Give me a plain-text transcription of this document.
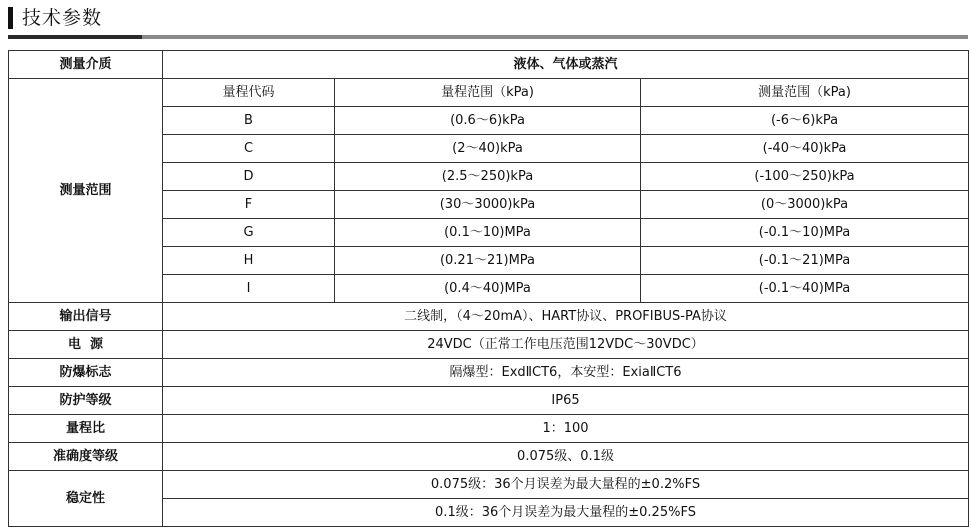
技术参数
测量介质	液体、气体或蒸汽		
测量范围	量程代码	量程范围（kPa)	测量范围（kPa)
	B	(0.6～6)kPa	(-6～6)kPa
	C	(2～40)kPa	(-40～40)kPa
	D	(2.5～250)kPa	(-100～250)kPa
	F	(30～3000)kPa	(0～3000)kPa
	G	(0.1～10)MPa	(-0.1～10)MPa
	H	(0.21～21)MPa	(-0.1～21)MPa
	I	(0.4～40)MPa	(-0.1～40)MPa
输出信号	二线制，（4～20mA）、HART协议、PROFIBUS-PA协议		
电  源	24VDC（正常工作电压范围12VDC～30VDC）		
防爆标志	隔爆型：ExdⅡCT6，本安型：ExiaⅡCT6		
防护等级	IP65		
量程比	1：100		
准确度等级	0.075级、0.1级		
稳定性	0.075级：36个月误差为最大量程的±0.2%FS		
	0.1级：36个月误差为最大量程的±0.25%FS		
